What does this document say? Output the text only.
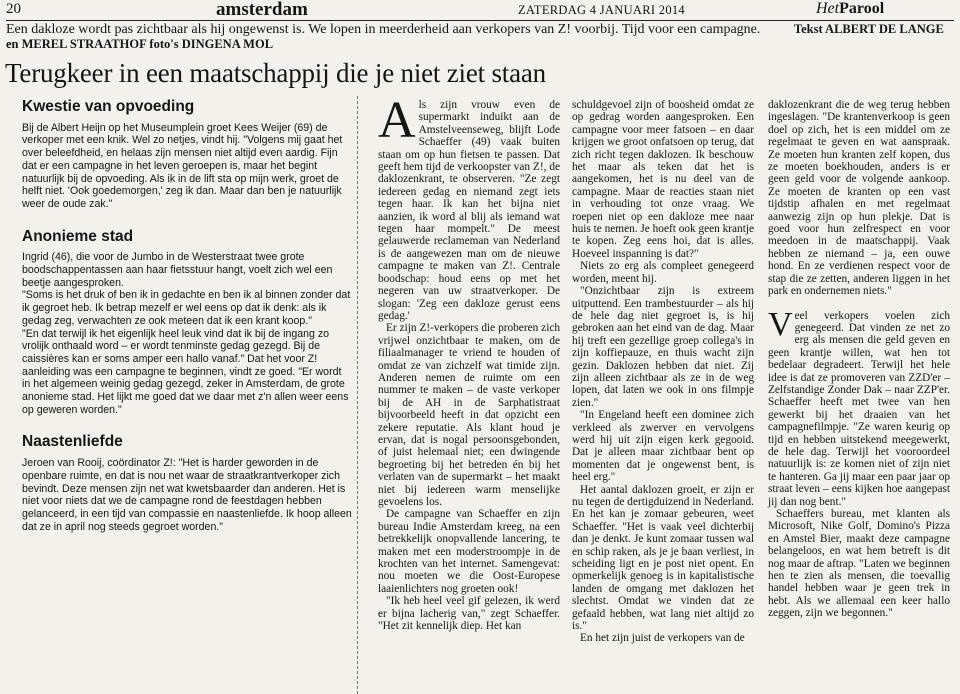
20	amsterdam	ZATERDAG 4 JANUARI 2014	HetParool
Een dakloze wordt pas zichtbaar als hij ongewenst is. We lopen in meerderheid aan verkopers van Z! voorbij. Tijd voor een campagne.	Tekst ALBERT DE LANGE en MEREL STRAATHOF foto's DINGENA MOL
Terugkeer in een maatschappij die je niet ziet staan
Kwestie van opvoeding

Bij de Albert Heijn op het Museumplein groet Kees Weijer (69) de verkoper met een knik. Wel zo netjes, vindt hij. "Volgens mij gaat het over beleefdheid, en helaas zijn mensen niet altijd even aardig. Fijn dat er een campagne in het leven geroepen is, maar het begint natuurlijk bij de opvoeding. Als ik in de lift sta op mijn werk, groet de helft niet. 'Ook goedemorgen,' zeg ik dan. Maar dan ben je natuurlijk weer de oude zak."

Anonieme stad

Ingrid (46), die voor de Jumbo in de Westerstraat twee grote boodschappentassen aan haar fietsstuur hangt, voelt zich wel een beetje aangesproken.

"Soms is het druk of ben ik in gedachte en ben ik al binnen zonder dat ik gegroet heb. Ik betrap mezelf er wel eens op dat ik denk: als ik gedag zeg, verwachten ze ook meteen dat ik een krant koop."

"En dat terwijl ik het eigenlijk heel leuk vind dat ik bij de ingang zo vrolijk onthaald word – er wordt tenminste gedag gezegd. Bij de caissières kan er soms amper een hallo vanaf." Dat het voor Z! aanleiding was een campagne te beginnen, vindt ze goed. "Er wordt in het algemeen weinig gedag gezegd, zeker in Amsterdam, de grote anonieme stad. Het lijkt me goed dat we daar met z'n allen weer eens op geweren worden."

Naastenliefde

Jeroen van Rooij, coördinator Z!: "Het is harder geworden in de openbare ruimte, en dat is nou net waar de straatkrantverkoper zich bevindt. Deze mensen zijn net wat kwetsbaarder dan anderen. Het is niet voor niets dat we de campagne rond de feestdagen hebben gelanceerd, in een tijd van compassie en naastenliefde. Ik hoop alleen dat ze in april nog steeds gegroet worden."

Als zijn vrouw even de supermarkt induikt aan de Amstelveenseweg, blijft Lode Schaeffer (49) vaak buiten staan om op hun fietsen te passen. Dat geeft hem tijd de verkoopster van Z!, de daklozenkrant, te observeren. "Ze zegt iedereen gedag en niemand zegt iets tegen haar. Ik kan het bijna niet aanzien, ik word al blij als iemand wat tegen haar mompelt." De meest gelauwerde reclameman van Nederland is de aangewezen man om de nieuwe campagne te maken van Z!. Centrale boodschap: houd eens op met het negeren van uw straatverkoper. De slogan: 'Zeg een dakloze gerust eens gedag.'

Er zijn Z!-verkopers die proberen zich vrijwel onzichtbaar te maken, om de filiaalmanager te vriend te houden of omdat ze van zichzelf wat timide zijn. Anderen nemen de ruimte om een nummer te maken – de vaste verkoper bij de AH in de Sarphatistraat bijvoorbeeld heeft in dat opzicht een zekere reputatie. Als klant houd je ervan, dat is nogal persoonsgebonden, of juist helemaal niet; een dwingende begroeting bij het betreden én bij het verlaten van de supermarkt – het maakt niet bij iedereen warm menselijke gevoelens los.

De campagne van Schaeffer en zijn bureau Indie Amsterdam kreeg, na een betrekkelijk onopvallende lancering, te maken met een moderstroompje in de krochten van het internet. Samengevat: nou moeten we die Oost-Europese laaienlichters nog groeten ook!

"Ik heb heel veel gif gelezen, ik werd er bijna lacherig van," zegt Schaeffer. "Het zit kennelijk diep. Het kan

schuldgevoel zijn of boosheid omdat ze op gedrag worden aangesproken. Een campagne voor meer fatsoen – en daar krijgen we groot onfatsoen op terug, dat zich richt tegen daklozen. Ik beschouw het maar als teken dat het is aangekomen, het is nu deel van de campagne. Maar de reacties staan niet in verhouding tot onze vraag. We roepen niet op een dakloze mee naar huis te nemen. Je hoeft ook geen krantje te kopen. Zeg eens hoi, dat is alles. Hoeveel inspanning is dat?"

Niets zo erg als compleet genegeerd worden, meent hij.

"Onzichtbaar zijn is extreem uitputtend. Een trambestuurder – als hij de hele dag niet gegroet is, is hij gebroken aan het eind van de dag. Maar hij treft een gezellige groep collega's in zijn koffiepauze, en thuis wacht zijn gezin. Daklozen hebben dat niet. Zij zijn alleen zichtbaar als ze in de weg lopen, dat laten we ook in ons filmpje zien."

"In Engeland heeft een dominee zich verkleed als zwerver en vervolgens werd hij uit zijn eigen kerk gegooid. Dat je alleen maar zichtbaar bent op momenten dat je ongewenst bent, is heel erg."

Het aantal daklozen groeit, er zijn er nu tegen de dertigduizend in Nederland. En het kan je zomaar gebeuren, weet Schaeffer. "Het is vaak veel dichterbij dan je denkt. Je kunt zomaar tussen wal en schip raken, als je je baan verliest, in scheiding ligt en je post niet opent. En opmerkelijk genoeg is in kapitalistische landen de omgang met daklozen het slechtst. Omdat we vinden dat ze gefaald hebben, wat lang niet altijd zo is."

En het zijn juist de verkopers van de

daklozenkrant die de weg terug hebben ingeslagen. "De krantenverkoop is geen doel op zich, het is een middel om ze regelmaat te geven en wat aanspraak. Ze moeten hun kranten zelf kopen, dus ze moeten boekhouden, anders is er geen geld voor de volgende aankoop. Ze moeten de kranten op een vast tijdstip afhalen en met regelmaat aanwezig zijn op hun plekje. Dat is goed voor hun zelfrespect en voor meedoen in de maatschappij. Vaak hebben ze niemand – ja, een ouwe hond. En ze verdienen respect voor de stap die ze zetten, anderen liggen in het park en ondernemen niets."

Veel verkopers voelen zich genegeerd. Dat vinden ze net zo erg als mensen die geld geven en geen krantje willen, wat hen tot bedelaar degradeert. Terwijl het hele idee is dat ze promoveren van ZZD'er – Zelfstandige Zonder Dak – naar ZZP'er. Schaeffer heeft met twee van hen gewerkt bij het draaien van het campagnefilmpje. "Ze waren keurig op tijd en hebben uitstekend meegewerkt, de hele dag. Terwijl het vooroordeel natuurlijk is: ze komen niet of zijn niet te hanteren. Ga jij maar een paar jaar op straat leven – eens kijken hoe aangepast jij dan nog bent."

Schaeffers bureau, met klanten als Microsoft, Nike Golf, Domino's Pizza en Amstel Bier, maakt deze campagne belangeloos, en wat hem betreft is dit nog maar de aftrap. "Laten we beginnen hen te zien als mensen, die toevallig handel hebben waar je geen trek in hebt. Als we allemaal een keer hallo zeggen, zijn we begonnen."
